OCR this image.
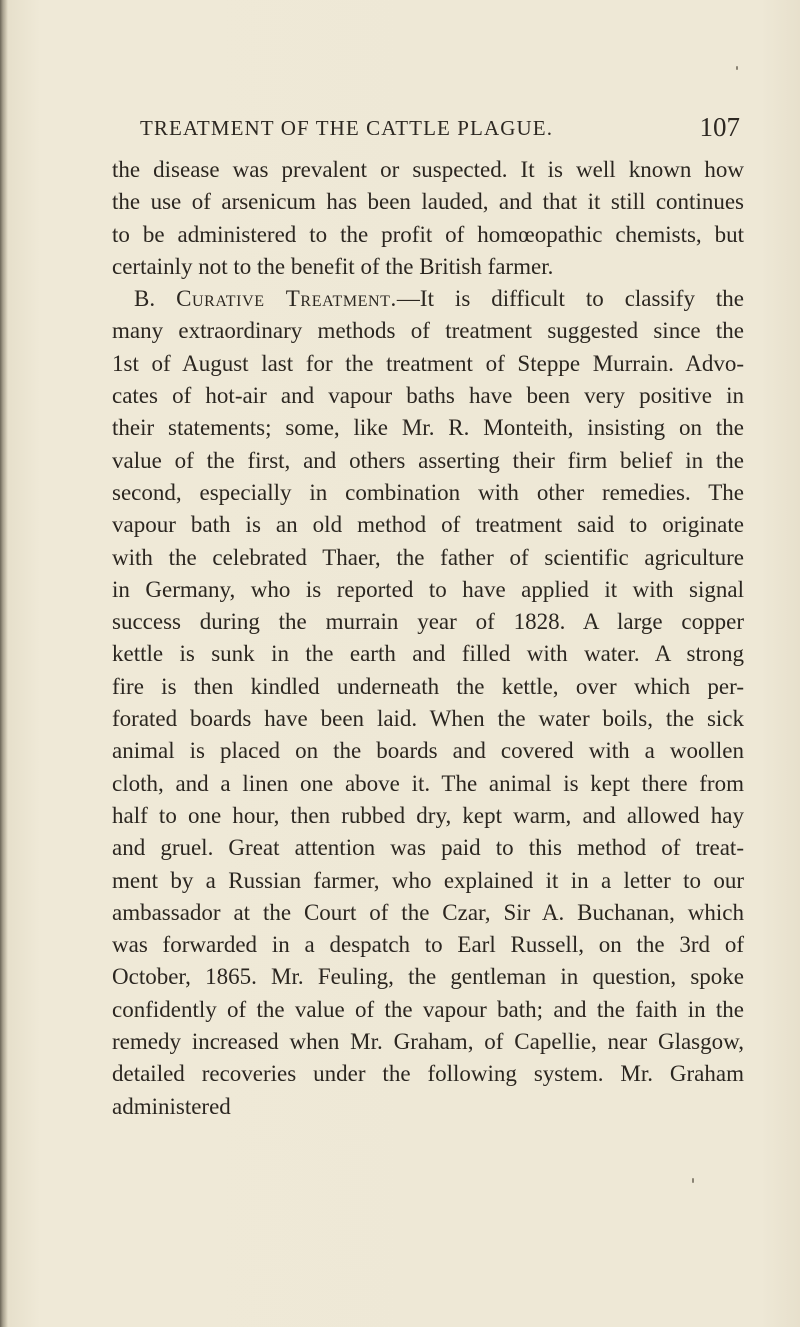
TREATMENT OF THE CATTLE PLAGUE.	107
the disease was prevalent or suspected. It is well known how
the use of arsenicum has been lauded, and that it still continues
to be administered to the profit of homœopathic chemists, but
certainly not to the benefit of the British farmer.
B. Curative Treatment.—It is difficult to classify the
many extraordinary methods of treatment suggested since the
1st of August last for the treatment of Steppe Murrain. Advo-
cates of hot-air and vapour baths have been very positive in
their statements; some, like Mr. R. Monteith, insisting on the
value of the first, and others asserting their firm belief in the
second, especially in combination with other remedies. The
vapour bath is an old method of treatment said to originate
with the celebrated Thaer, the father of scientific agriculture
in Germany, who is reported to have applied it with signal
success during the murrain year of 1828. A large copper
kettle is sunk in the earth and filled with water. A strong
fire is then kindled underneath the kettle, over which per-
forated boards have been laid. When the water boils, the sick
animal is placed on the boards and covered with a woollen
cloth, and a linen one above it. The animal is kept there from
half to one hour, then rubbed dry, kept warm, and allowed hay
and gruel. Great attention was paid to this method of treat-
ment by a Russian farmer, who explained it in a letter to our
ambassador at the Court of the Czar, Sir A. Buchanan, which
was forwarded in a despatch to Earl Russell, on the 3rd of
October, 1865. Mr. Feuling, the gentleman in question, spoke
confidently of the value of the vapour bath; and the faith in the
remedy increased when Mr. Graham, of Capellie, near Glasgow,
detailed recoveries under the following system. Mr. Graham
administered
